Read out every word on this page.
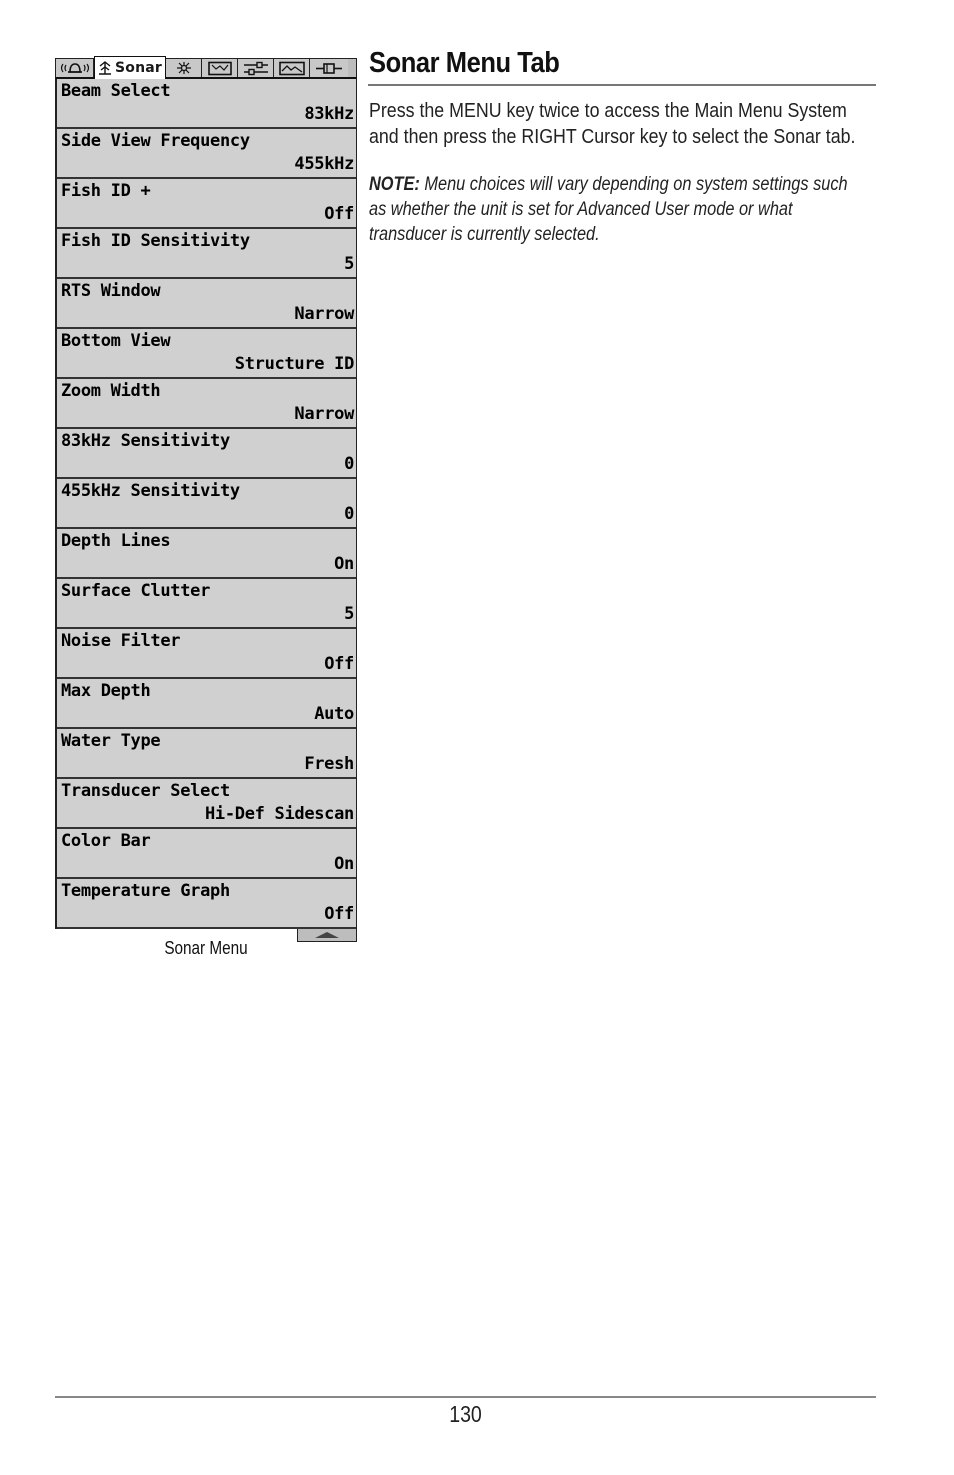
Sonar
Beam Select
83kHz
Side View Frequency
455kHz
Fish ID +
Off
Fish ID Sensitivity
5
RTS Window
Narrow
Bottom View
Structure ID
Zoom Width
Narrow
83kHz Sensitivity
0
455kHz Sensitivity
0
Depth Lines
On
Surface Clutter
5
Noise Filter
Off
Max Depth
Auto
Water Type
Fresh
Transducer Select
Hi-Def Sidescan
Color Bar
On
Temperature Graph
Off
Sonar Menu
Sonar Menu Tab
Press the MENU key twice to access the Main Menu System and then press the RIGHT Cursor key to select the Sonar tab.
NOTE: Menu choices will vary depending on system settings such as whether the unit is set for Advanced User mode or what transducer is currently selected.
130
